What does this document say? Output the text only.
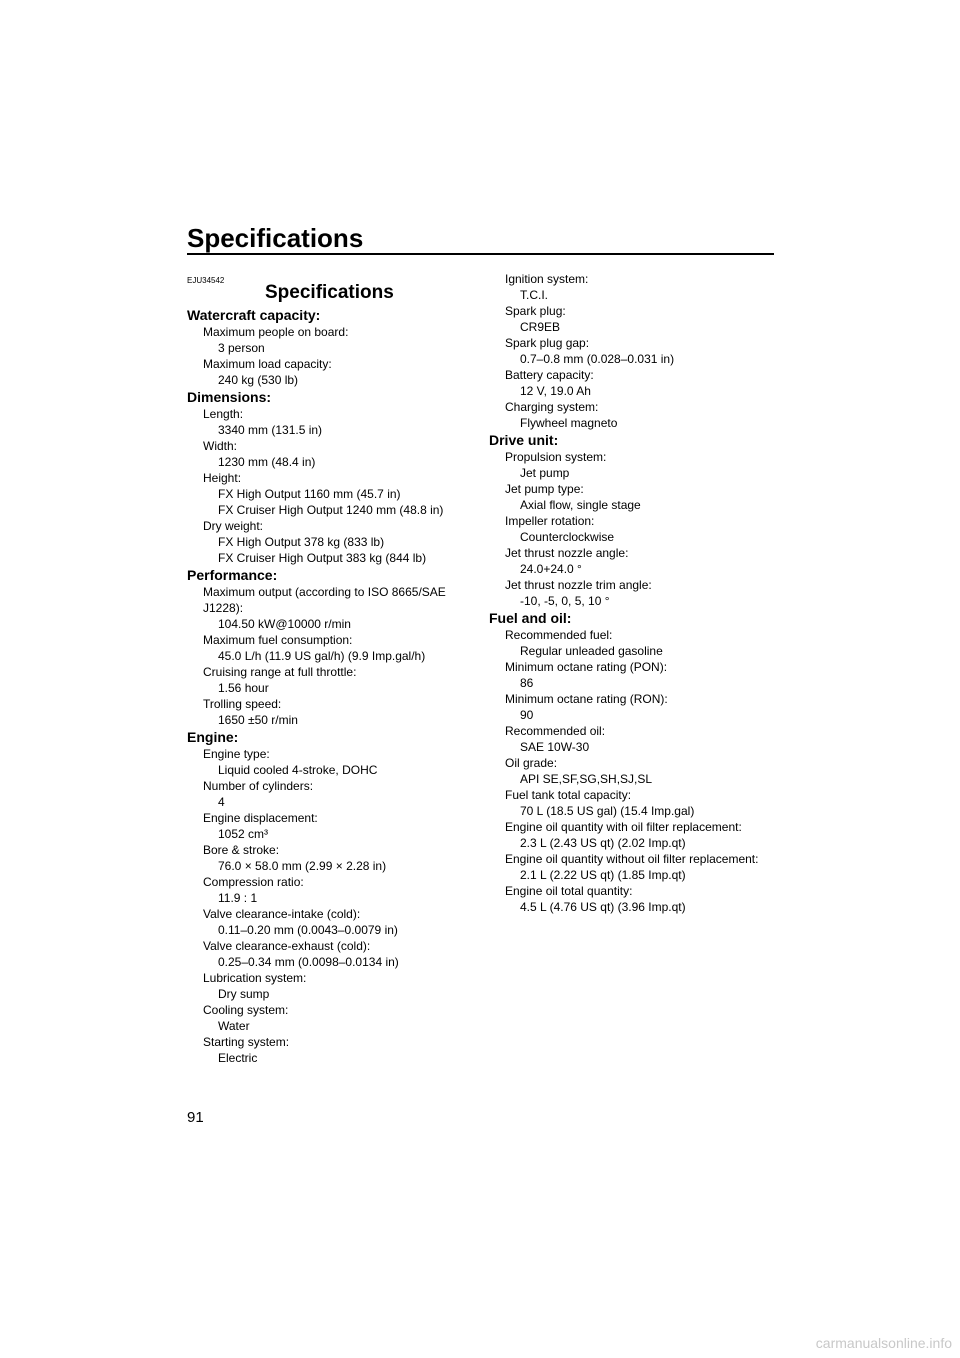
Specifications
EJU34542
Specifications
Watercraft capacity:

Maximum people on board:

3 person

Maximum load capacity:

240 kg (530 lb)

Dimensions:

Length:

3340 mm (131.5 in)

Width:

1230 mm (48.4 in)

Height:

FX High Output 1160 mm (45.7 in)

FX Cruiser High Output 1240 mm (48.8 in)

Dry weight:

FX High Output 378 kg (833 lb)

FX Cruiser High Output 383 kg (844 lb)

Performance:

Maximum output (according to ISO 8665/SAE

J1228):

104.50 kW@10000 r/min

Maximum fuel consumption:

45.0 L/h (11.9 US gal/h) (9.9 Imp.gal/h)

Cruising range at full throttle:

1.56 hour

Trolling speed:

1650 ±50 r/min

Engine:

Engine type:

Liquid cooled 4-stroke, DOHC

Number of cylinders:

4

Engine displacement:

1052 cm³

Bore & stroke:

76.0 × 58.0 mm (2.99 × 2.28 in)

Compression ratio:

11.9 : 1

Valve clearance-intake (cold):

0.11–0.20 mm (0.0043–0.0079 in)

Valve clearance-exhaust (cold):

0.25–0.34 mm (0.0098–0.0134 in)

Lubrication system:

Dry sump

Cooling system:

Water

Starting system:

Electric

Ignition system:

T.C.I.

Spark plug:

CR9EB

Spark plug gap:

0.7–0.8 mm (0.028–0.031 in)

Battery capacity:

12 V, 19.0 Ah

Charging system:

Flywheel magneto

Drive unit:

Propulsion system:

Jet pump

Jet pump type:

Axial flow, single stage

Impeller rotation:

Counterclockwise

Jet thrust nozzle angle:

24.0+24.0 °

Jet thrust nozzle trim angle:

-10, -5, 0, 5, 10 °

Fuel and oil:

Recommended fuel:

Regular unleaded gasoline

Minimum octane rating (PON):

86

Minimum octane rating (RON):

90

Recommended oil:

SAE 10W-30

Oil grade:

API SE,SF,SG,SH,SJ,SL

Fuel tank total capacity:

70 L (18.5 US gal) (15.4 Imp.gal)

Engine oil quantity with oil filter replacement:

2.3 L (2.43 US qt) (2.02 Imp.qt)

Engine oil quantity without oil filter replacement:

2.1 L (2.22 US qt) (1.85 Imp.qt)

Engine oil total quantity:

4.5 L (4.76 US qt) (3.96 Imp.qt)

91
carmanualsonline.info
